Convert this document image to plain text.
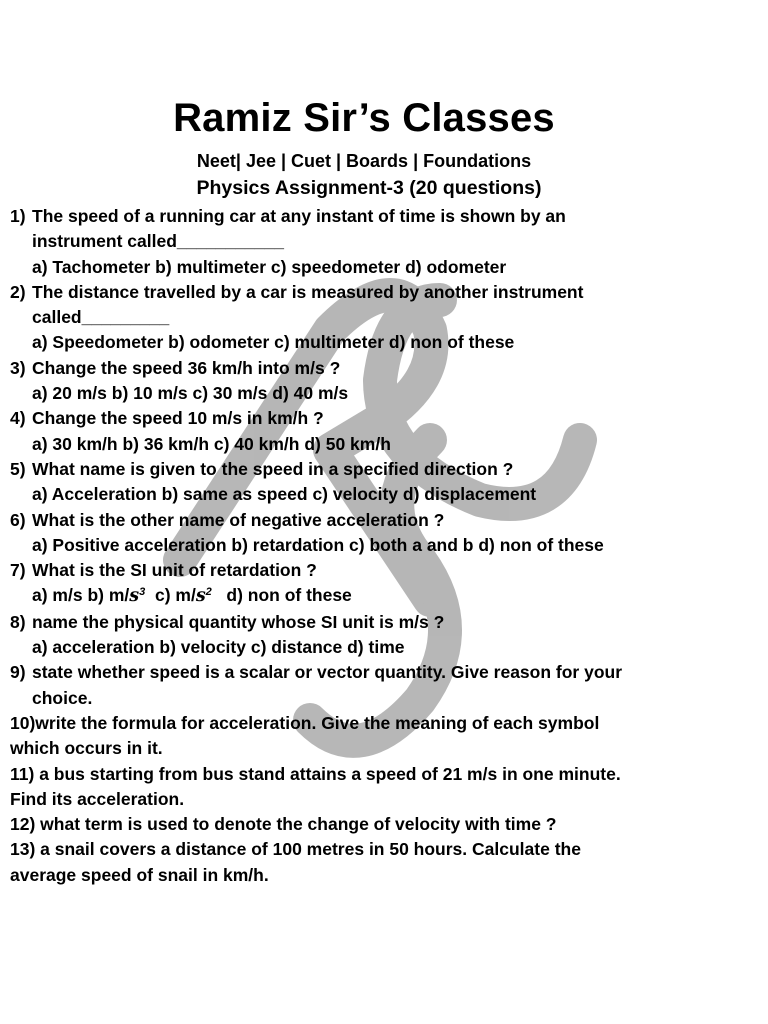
Ramiz Sir’s Classes
Neet| Jee | Cuet | Boards | Foundations
Physics Assignment-3 (20 questions)
1) The speed of a running car at any instant of time is shown by an
instrument called___________
a) Tachometer b) multimeter c) speedometer d) odometer
2) The distance travelled by a car is measured by another instrument
called_________
a) Speedometer b) odometer c) multimeter d) non of these
3) Change the speed 36 km/h into m/s ?
a) 20 m/s b) 10 m/s c) 30 m/s d) 40 m/s
4) Change the speed 10 m/s in km/h ?
a) 30 km/h b) 36 km/h c) 40 km/h d) 50 km/h
5) What name is given to the speed in a specified direction ?
a) Acceleration b) same as speed c) velocity d) displacement
6) What is the other name of negative acceleration ?
a) Positive acceleration b) retardation c) both a and b d) non of these
7) What is the SI unit of retardation ?
a) m/s b) $m/s^3$  c) $m/s^2$   d) non of these
8) name the physical quantity whose SI unit is m/s ?
a) acceleration b) velocity c) distance d) time
9) state whether speed is a scalar or vector quantity. Give reason for your
choice.
10)write the formula for acceleration. Give the meaning of each symbol
which occurs in it.
11) a bus starting from bus stand attains a speed of 21 m/s in one minute.
Find its acceleration.
12) what term is used to denote the change of velocity with time ?
13) a snail covers a distance of 100 metres in 50 hours. Calculate the
average speed of snail in km/h.
